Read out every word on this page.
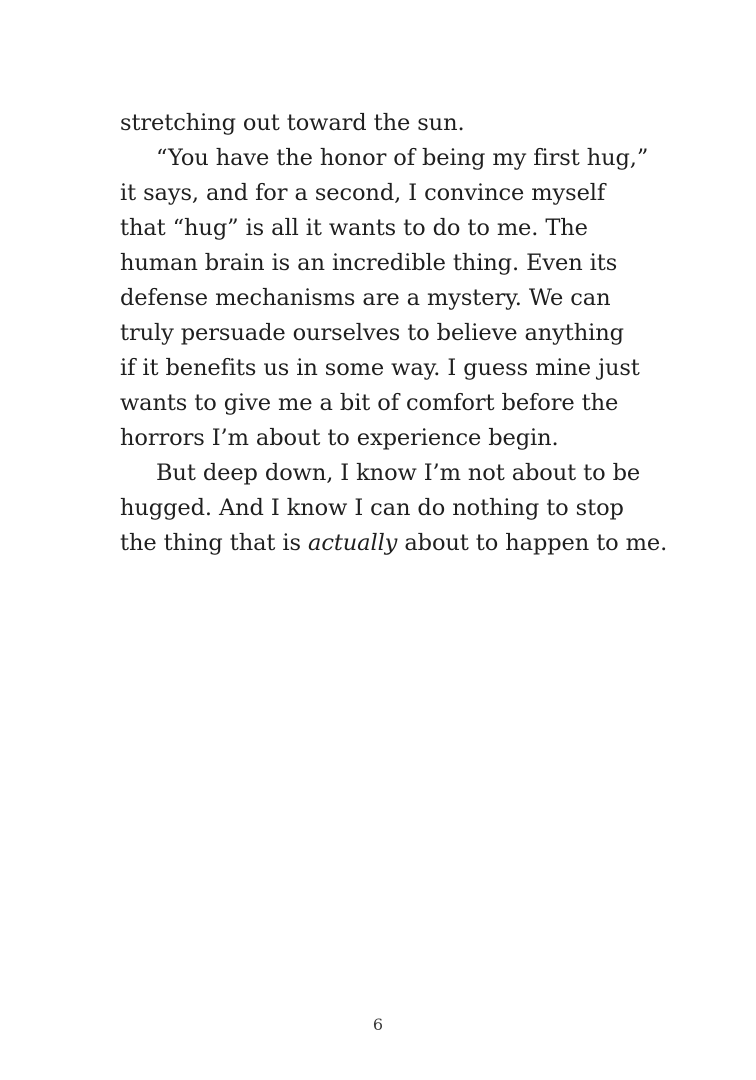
stretching out toward the sun.
“You have the honor of being my first hug,”
it says, and for a second, I convince myself
that “hug” is all it wants to do to me. The
human brain is an incredible thing. Even its
defense mechanisms are a mystery. We can
truly persuade ourselves to believe anything
if it benefits us in some way. I guess mine just
wants to give me a bit of comfort before the
horrors I’m about to experience begin.
But deep down, I know I’m not about to be
hugged. And I know I can do nothing to stop
the thing that is actually about to happen to me.
6
